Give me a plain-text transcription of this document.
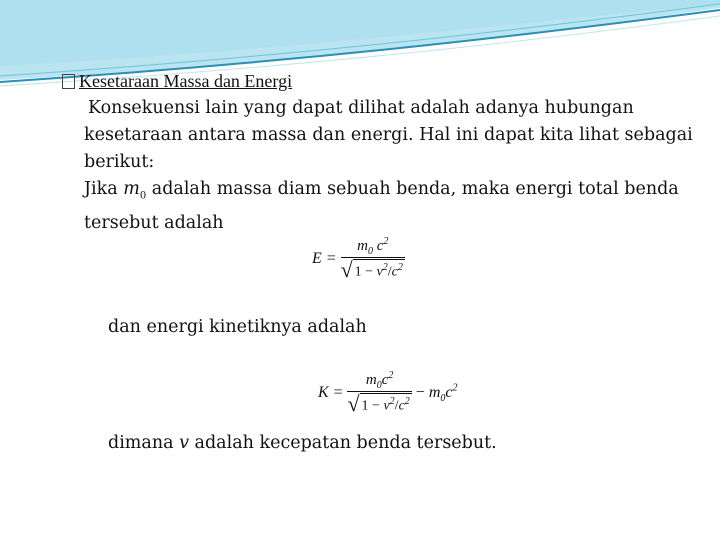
Kesetaraan Massa dan Energi
Konsekuensi lain yang dapat dilihat adalah adanya hubungan kesetaraan antara massa dan energi. Hal ini dapat kita lihat sebagai berikut:
Jika $m_0$ adalah massa diam sebuah benda, maka energi total benda tersebut adalah
$E = \frac{m_0 c^2}{√ 1 - v^2/c^2}$
dan energi kinetiknya adalah
$K = \frac{m_0c^2}{√ 1 - v^2/c^2} - m_0c^2$
dimana v adalah kecepatan benda tersebut.
